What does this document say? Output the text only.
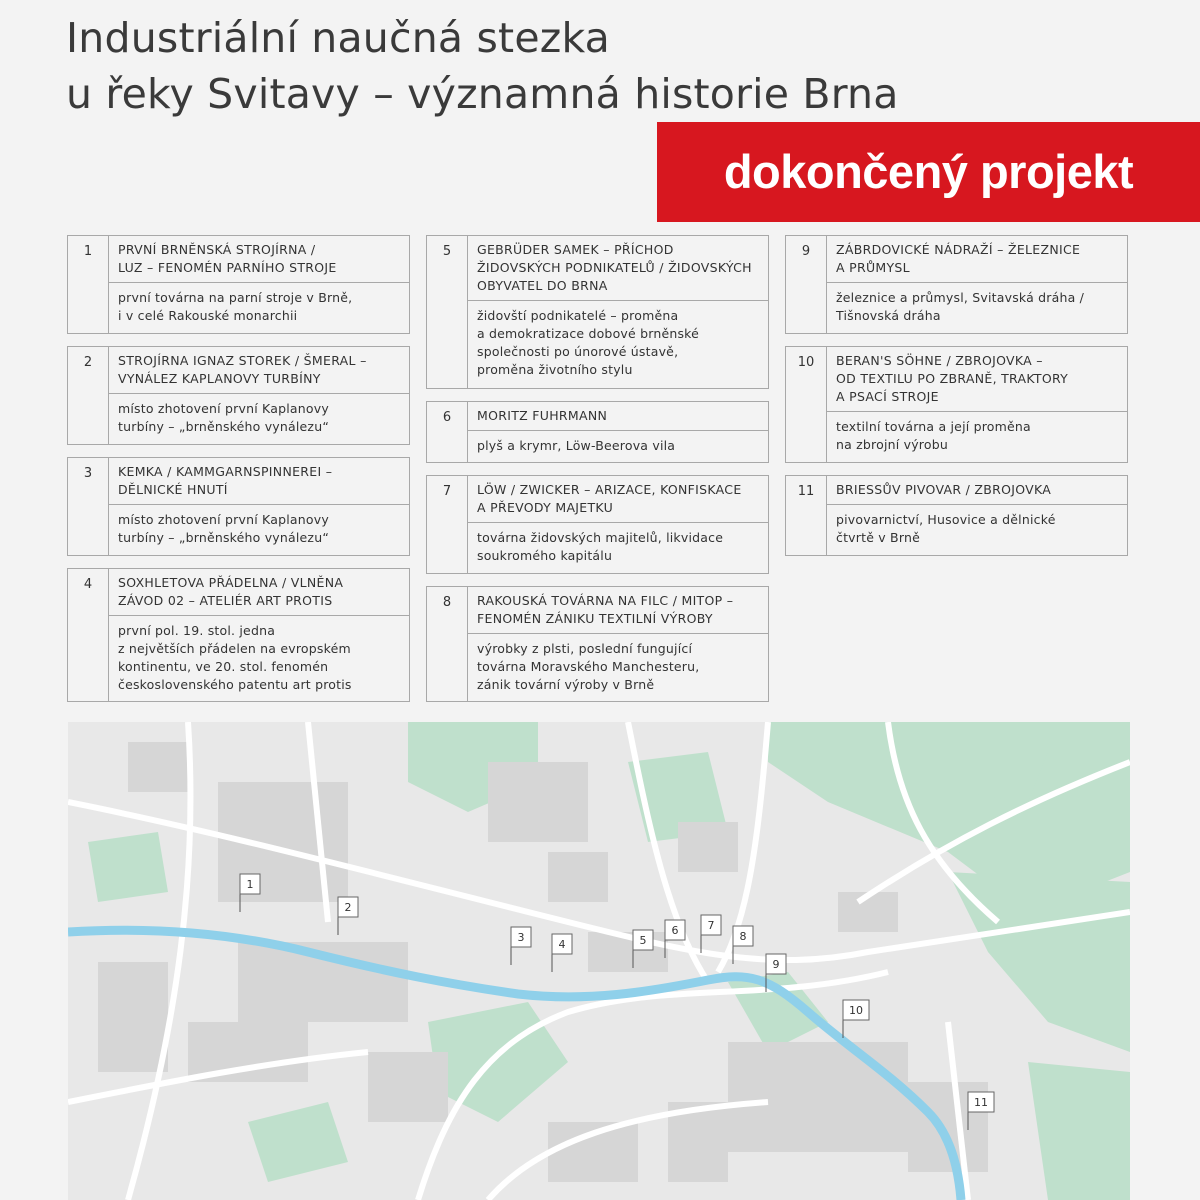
Industriální naučná stezka
u řeky Svitavy – významná historie Brna
dokončený projekt
1	PRVNÍ BRNĚNSKÁ STROJÍRNA /
LUZ – FENOMÉN PARNÍHO STROJE
první továrna na parní stroje v Brně,
i v celé Rakouské monarchii
2	STROJÍRNA IGNAZ STOREK / ŠMERAL –
VYNÁLEZ KAPLANOVY TURBÍNY
místo zhotovení první Kaplanovy
turbíny – „brněnského vynálezu“
3	KEMKA / KAMMGARNSPINNEREI –
DĚLNICKÉ HNUTÍ
místo zhotovení první Kaplanovy
turbíny – „brněnského vynálezu“
4	SOXHLETOVA PŘÁDELNA / VLNĚNA
ZÁVOD 02 – ATELIÉR ART PROTIS
první pol. 19. stol. jedna
z největších přádelen na evropském
kontinentu, ve 20. stol. fenomén
československého patentu art protis
5	GEBRÜDER SAMEK – PŘÍCHOD
ŽIDOVSKÝCH PODNIKATELŮ / ŽIDOVSKÝCH
OBYVATEL DO BRNA
židovští podnikatelé – proměna
a demokratizace dobové brněnské
společnosti po únorové ústavě,
proměna životního stylu
6	MORITZ FUHRMANN
plyš a krymr, Löw-Beerova vila
7	LÖW / ZWICKER – ARIZACE, KONFISKACE
A PŘEVODY MAJETKU
továrna židovských majitelů, likvidace
soukromého kapitálu
8	RAKOUSKÁ TOVÁRNA NA FILC / MITOP –
FENOMÉN ZÁNIKU TEXTILNÍ VÝROBY
výrobky z plsti, poslední fungující
továrna Moravského Manchesteru,
zánik tovární výroby v Brně
9	ZÁBRDOVICKÉ NÁDRAŽÍ – ŽELEZNICE
A PRŮMYSL
železnice a průmysl, Svitavská dráha /
Tišnovská dráha
10	BERAN'S SÖHNE / ZBROJOVKA –
OD TEXTILU PO ZBRANĚ, TRAKTORY
A PSACÍ STROJE
textilní továrna a její proměna
na zbrojní výrobu
11	BRIESSŮV PIVOVAR / ZBROJOVKA
pivovarnictví, Husovice a dělnické
čtvrtě v Brně
1
2
3
4	5
6	7
8
9
10
11
